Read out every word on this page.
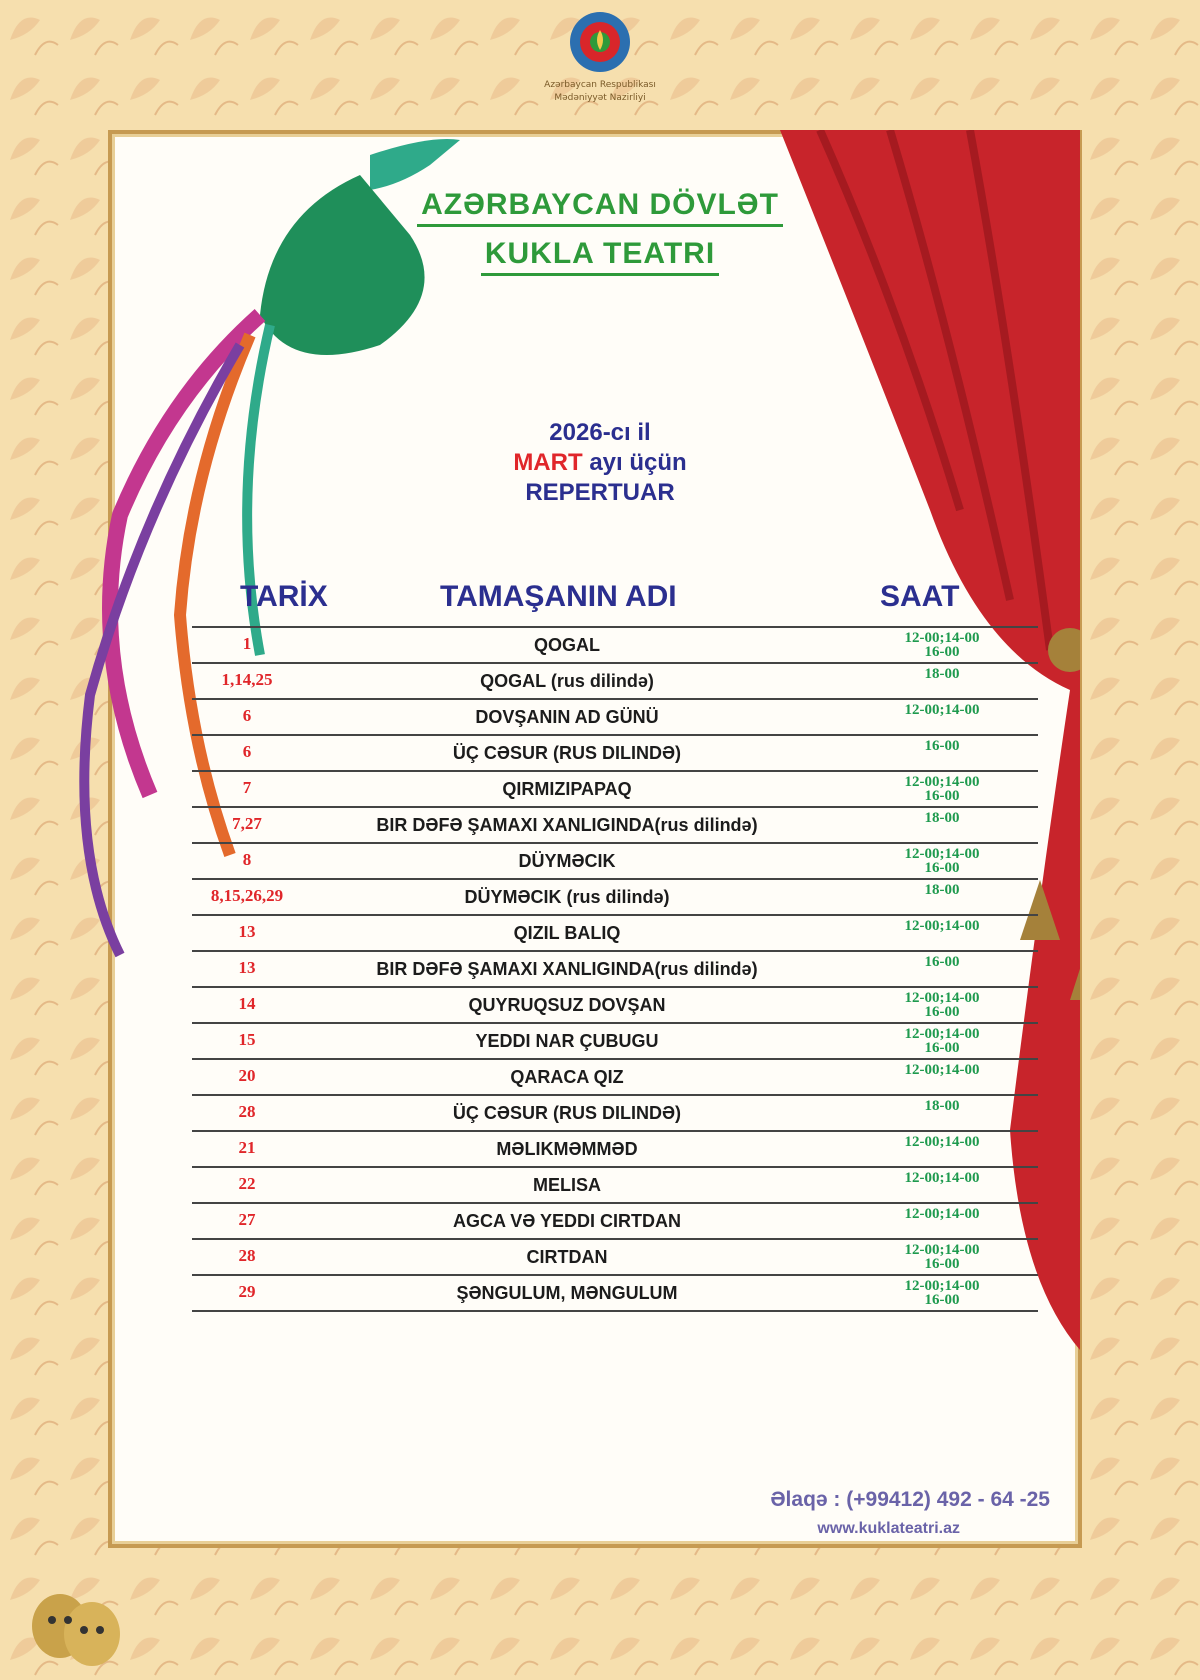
Azərbaycan Respublikası
Mədəniyyət Nazirliyi
AZƏRBAYCAN DÖVLƏT
KUKLA TEATRI
2026-cı il
MART ayı üçün
REPERTUAR
TARİX	TAMAŞANIN ADI	SAAT
1	QOGAL	12-00;14-00
16-00
1,14,25	QOGAL (rus dilində)	18-00
6	DOVŞANIN AD GÜNÜ	12-00;14-00
6	ÜÇ CƏSUR (RUS DILINDƏ)	16-00
7	QIRMIZIPAPAQ	12-00;14-00
16-00
7,27	BIR DƏFƏ ŞAMAXI XANLIGINDA(rus dilində)	18-00
8	DÜYMƏCIK	12-00;14-00
16-00
8,15,26,29	DÜYMƏCIK (rus dilində)	18-00
13	QIZIL BALIQ	12-00;14-00
13	BIR DƏFƏ ŞAMAXI XANLIGINDA(rus dilində)	16-00
14	QUYRUQSUZ DOVŞAN	12-00;14-00
16-00
15	YEDDI NAR ÇUBUGU	12-00;14-00
16-00
20	QARACA QIZ	12-00;14-00
28	ÜÇ CƏSUR (RUS DILINDƏ)	18-00
21	MƏLIKMƏMMƏD	12-00;14-00
22	MELISA	12-00;14-00
27	AGCA VƏ YEDDI CIRTDAN	12-00;14-00
28	CIRTDAN	12-00;14-00
16-00
29	ŞƏNGULUM, MƏNGULUM	12-00;14-00
16-00
Əlaqə : (+99412) 492 - 64 -25
www.kuklateatri.az
